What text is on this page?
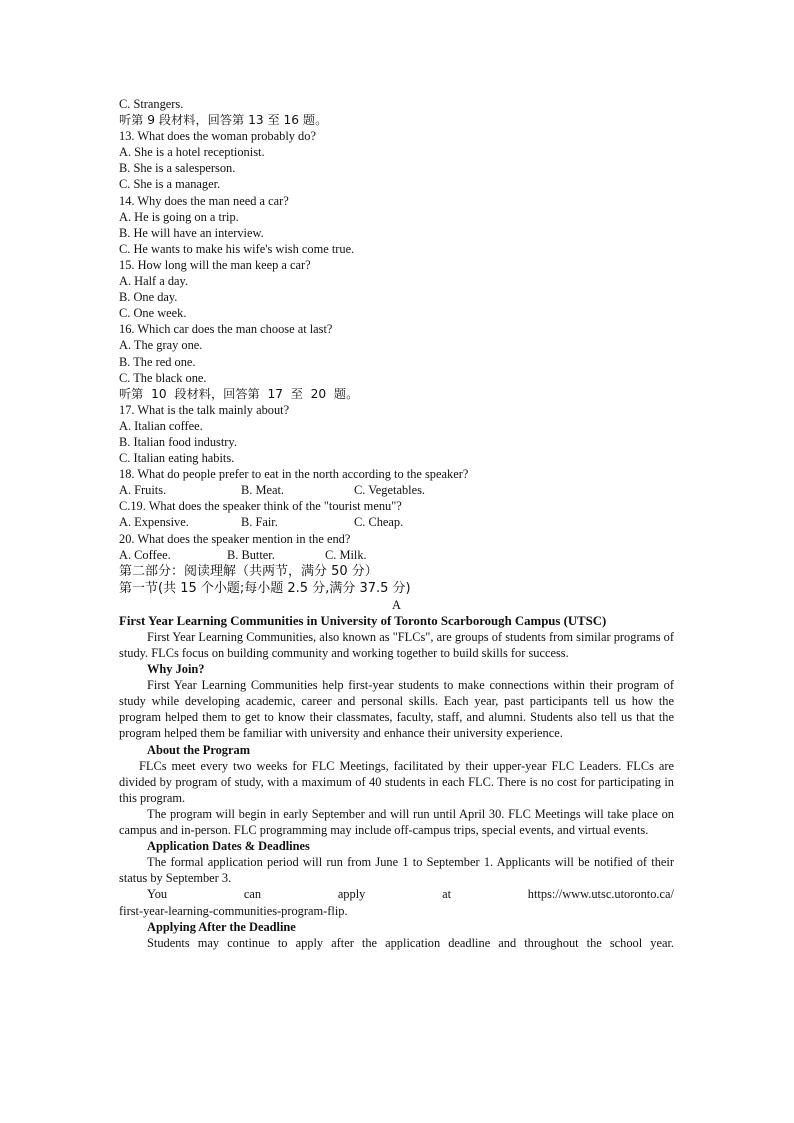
C. Strangers.
听第 9 段材料，回答第 13 至 16 题。
13. What does the woman probably do?
A. She is a hotel receptionist.
B. She is a salesperson.
C. She is a manager.
14. Why does the man need a car?
A. He is going on a trip.
B. He will have an interview.
C. He wants to make his wife's wish come true.
15. How long will the man keep a car?
A. Half a day.
B. One day.
C. One week.
16. Which car does the man choose at last?
A. The gray one.
B. The red one.
C. The black one.
听第  10  段材料，回答第  17  至  20  题。
17. What is the talk mainly about?
A. Italian coffee.
B. Italian food industry.
C. Italian eating habits.
18. What do people prefer to eat in the north according to the speaker?
A. Fruits.	B. Meat.	C. Vegetables.
C.19. What does the speaker think of the "tourist menu"?
A. Expensive.	B. Fair.	C. Cheap.
20. What does the speaker mention in the end?
A. Coffee.	B. Butter.	C. Milk.
第二部分：阅读理解（共两节，满分 50 分）
第一节(共 15 个小题;每小题 2.5 分,满分 37.5 分)
A
First Year Learning Communities in University of Toronto Scarborough Campus (UTSC)
First Year Learning Communities, also known as "FLCs", are groups of students from similar programs of study. FLCs focus on building community and working together to build skills for success.
Why Join?
First Year Learning Communities help first-year students to make connections within their program of study while developing academic, career and personal skills. Each year, past participants tell us how the program helped them to get to know their classmates, faculty, staff, and alumni. Students also tell us that the program helped them be familiar with university and enhance their university experience.
About the Program
FLCs meet every two weeks for FLC Meetings, facilitated by their upper-year FLC Leaders. FLCs are divided by program of study, with a maximum of 40 students in each FLC. There is no cost for participating in this program.
The program will begin in early September and will run until April 30. FLC Meetings will take place on campus and in-person. FLC programming may include off-campus trips, special events, and virtual events.
Application Dates & Deadlines
The formal application period will run from June 1 to September 1. Applicants will be notified of their status by September 3.
You	can	apply	at	https://www.utsc.utoronto.ca/
first-year-learning-communities-program-flip.
Applying After the Deadline
Students may continue to apply after the application deadline and throughout the school year.
